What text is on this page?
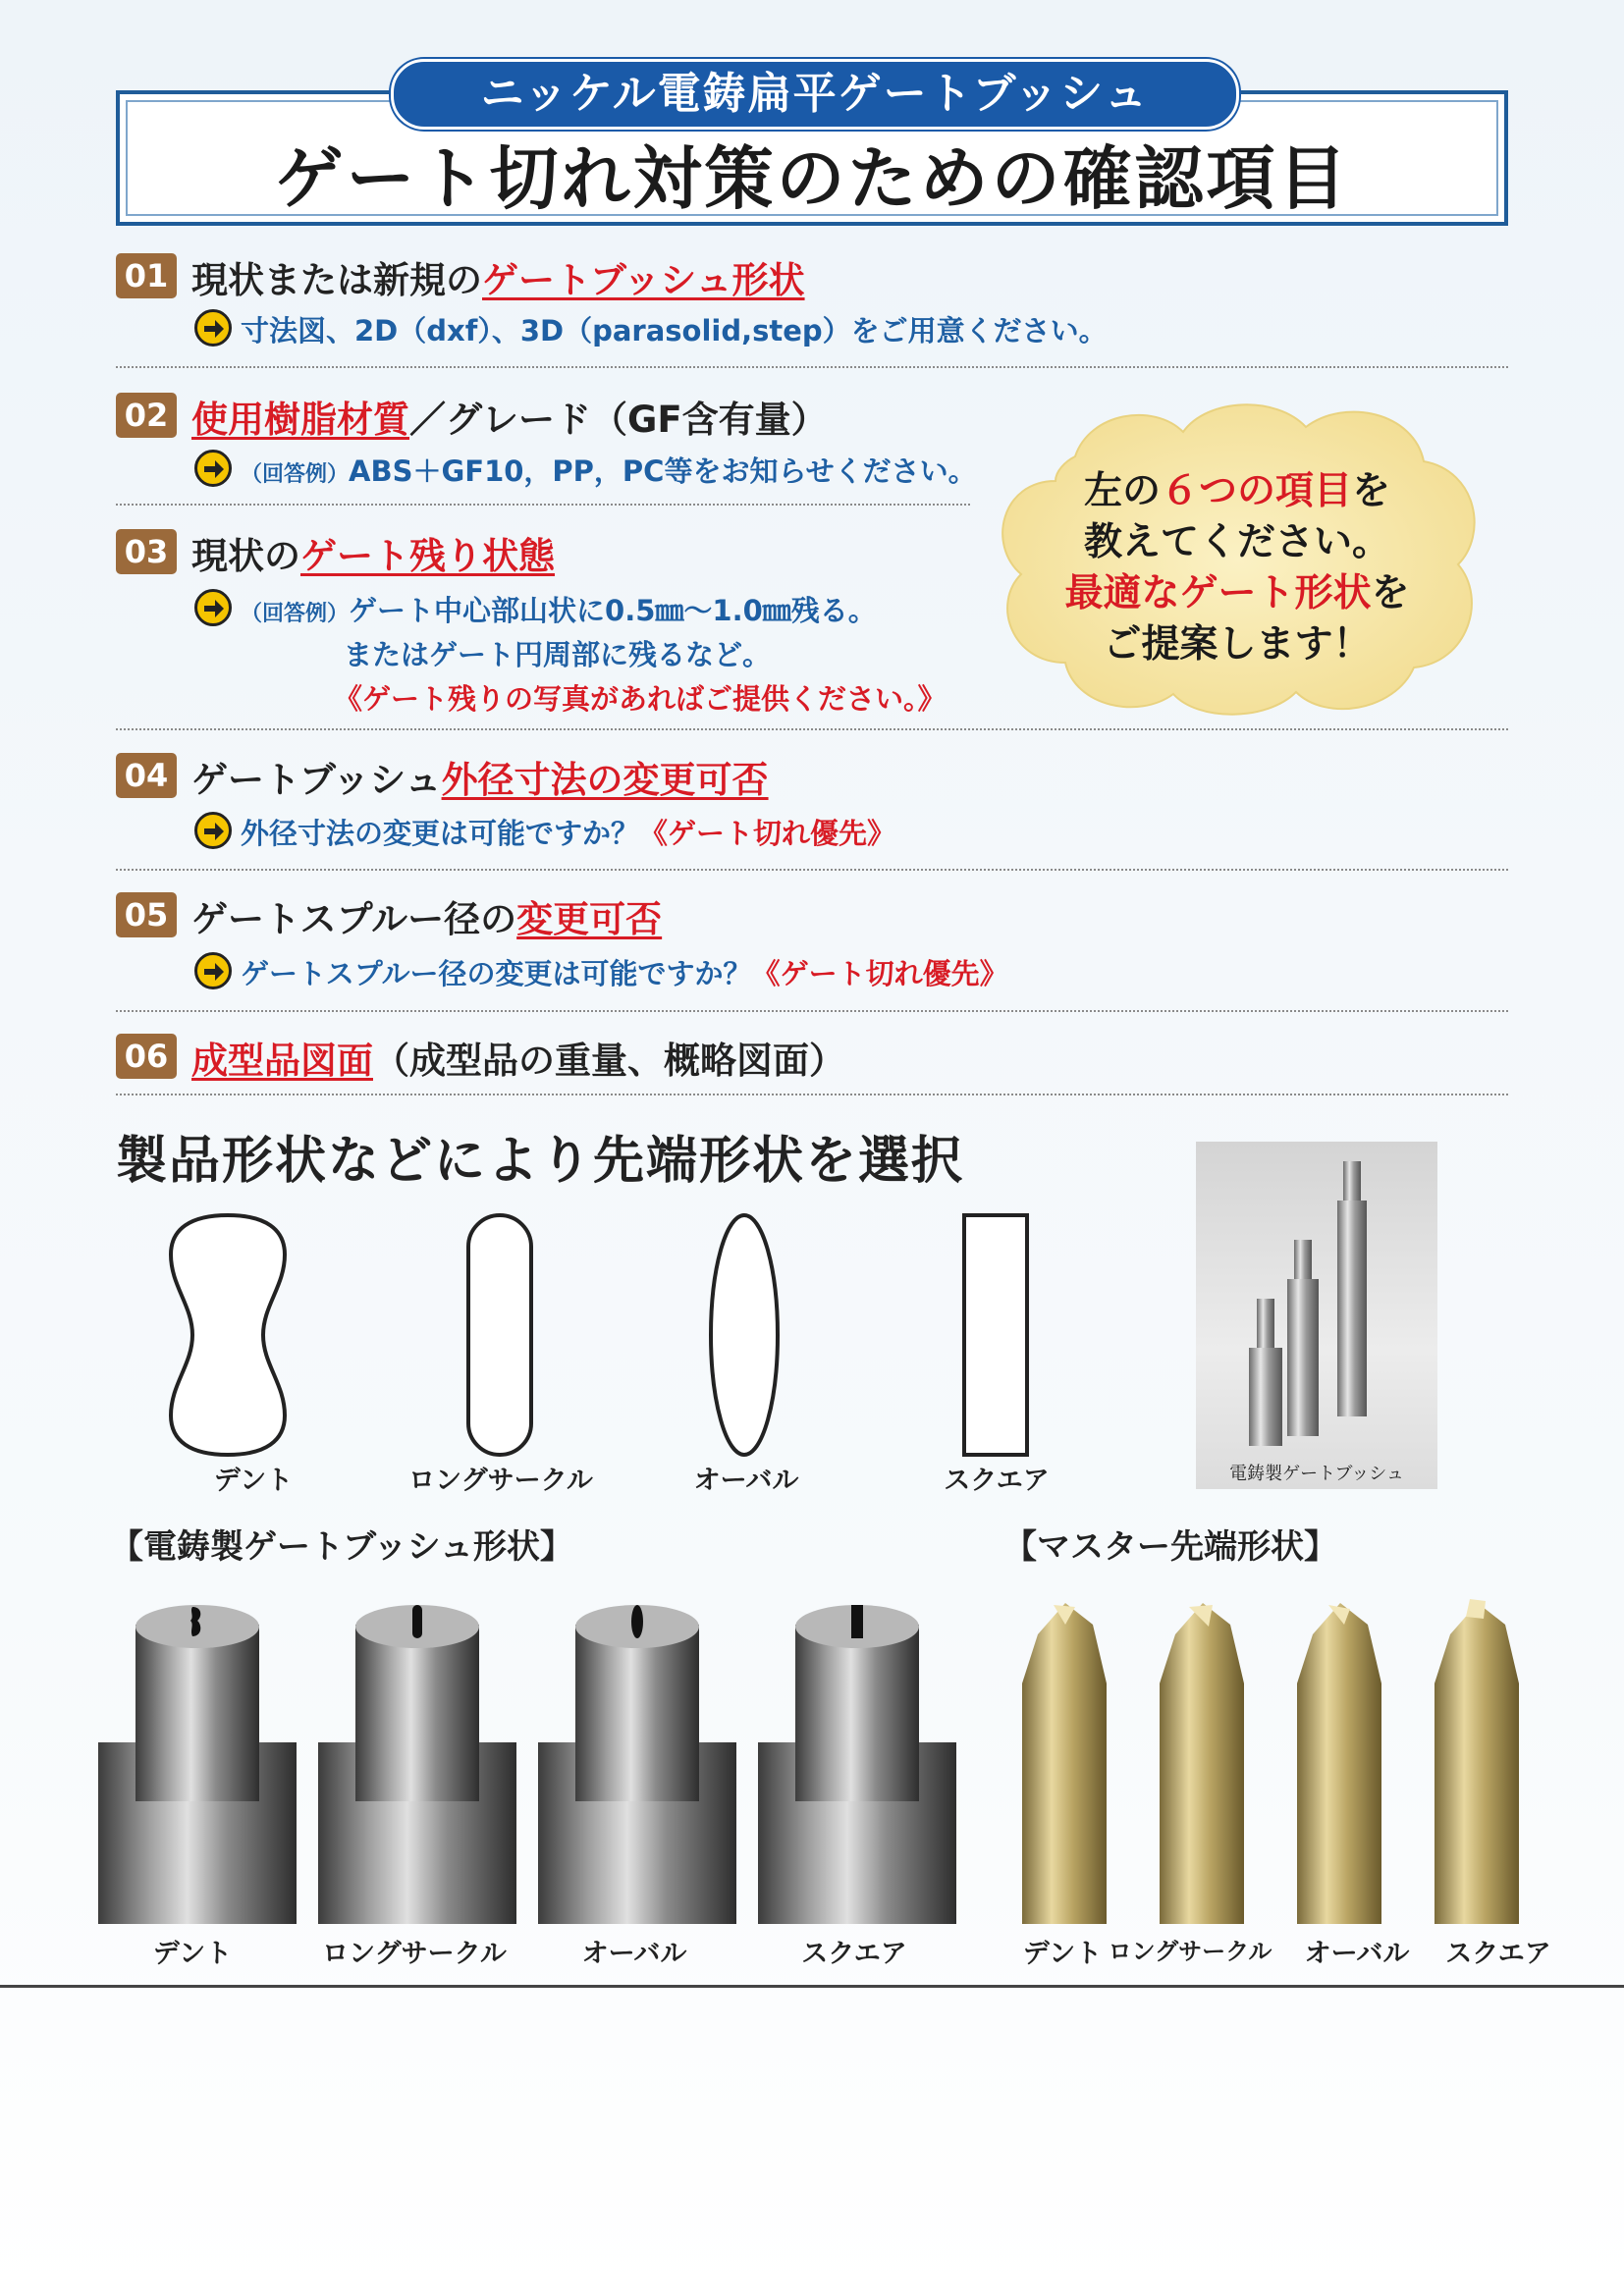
ニッケル電鋳扁平ゲートブッシュ
ゲート切れ対策のための確認項目
01 現状または新規のゲートブッシュ形状
寸法図、2D（dxf）、3D（parasolid,step）をご用意ください。
02 使用樹脂材質／グレード（GF含有量）
（回答例）ABS＋GF10，PP，PC等をお知らせください。
03 現状のゲート残り状態
（回答例）ゲート中心部山状に0.5㎜～1.0㎜残る。
またはゲート円周部に残るなど。
《ゲート残りの写真があればご提供ください。》
04 ゲートブッシュ外径寸法の変更可否
外径寸法の変更は可能ですか？《ゲート切れ優先》
05 ゲートスプルー径の変更可否
ゲートスプルー径の変更は可能ですか？《ゲート切れ優先》
06 成型品図面（成型品の重量、概略図面）
左の６つの項目を
教えてください。
最適なゲート形状を
ご提案します！
製品形状などにより先端形状を選択
デント	ロングサークル	オーバル	スクエア	電鋳製ゲートブッシュ
【電鋳製ゲートブッシュ形状】	【マスター先端形状】
デント	ロングサークル	オーバル	スクエア	デント ロングサークル	オーバル	スクエア
